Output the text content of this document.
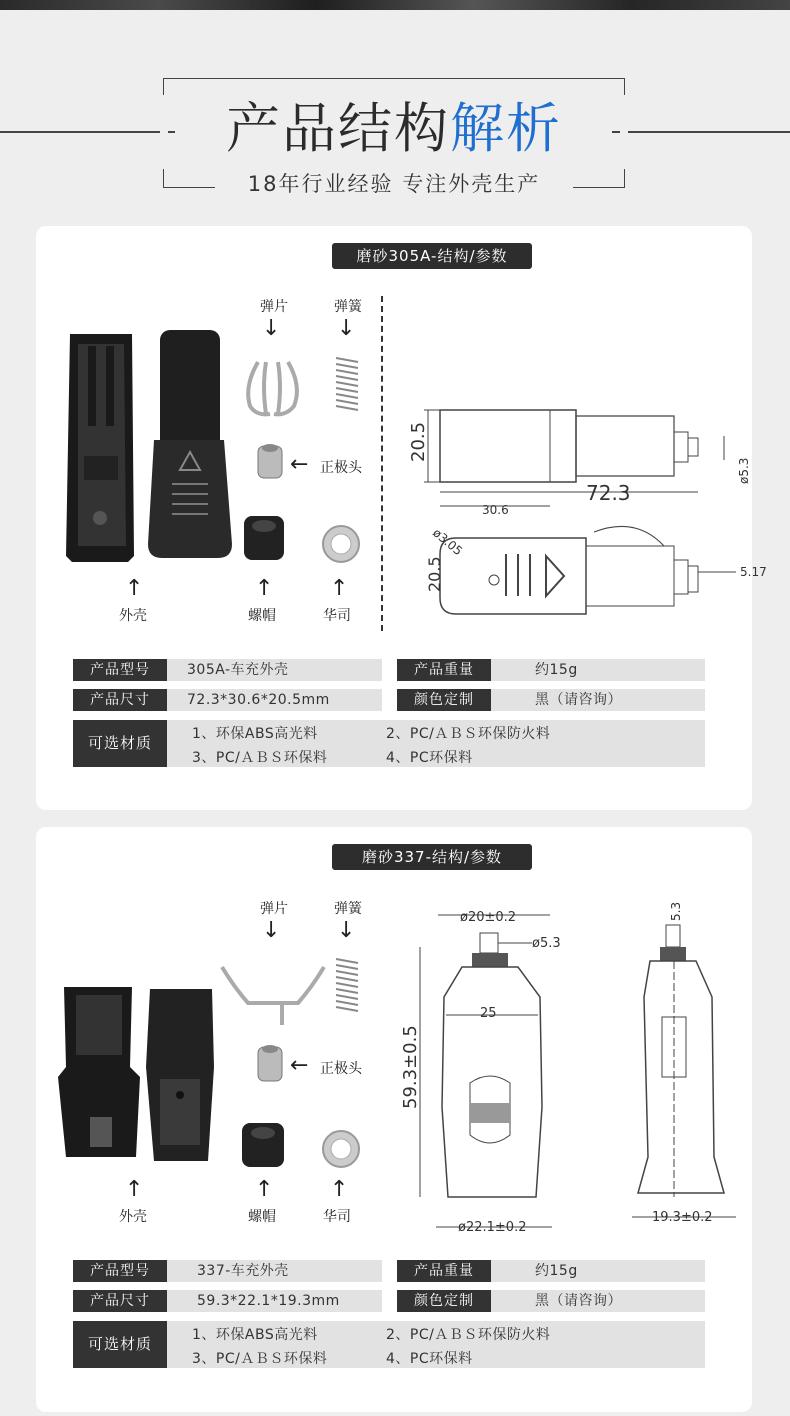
产品结构解析
18年行业经验 专注外壳生产
磨砂305A-结构/参数
弹片
↓
弹簧
↓
← 正极头
↑
外壳
↑
螺帽
↑
华司
20.5
72.3
30.6
ø5.3
ø3.05
20.5	5.17
产品型号	305A-车充外壳	产品重量	约15g
产品尺寸	72.3*30.6*20.5mm	颜色定制	黑（请咨询）
可选材质	1、环保ABS高光料	2、PC/ＡＢＳ环保防火料
3、PC/ＡＢＳ环保料	4、PC环保料
磨砂337-结构/参数
弹片
↓
弹簧
↓
← 正极头
↑
外壳
↑
螺帽
↑
华司
ø20±0.2
ø5.3
25
59.3±0.5
ø22.1±0.2
5.3
19.3±0.2
产品型号	337-车充外壳	产品重量	约15g
产品尺寸	59.3*22.1*19.3mm	颜色定制	黑（请咨询）
可选材质	1、环保ABS高光料	2、PC/ＡＢＳ环保防火料
3、PC/ＡＢＳ环保料	4、PC环保料
